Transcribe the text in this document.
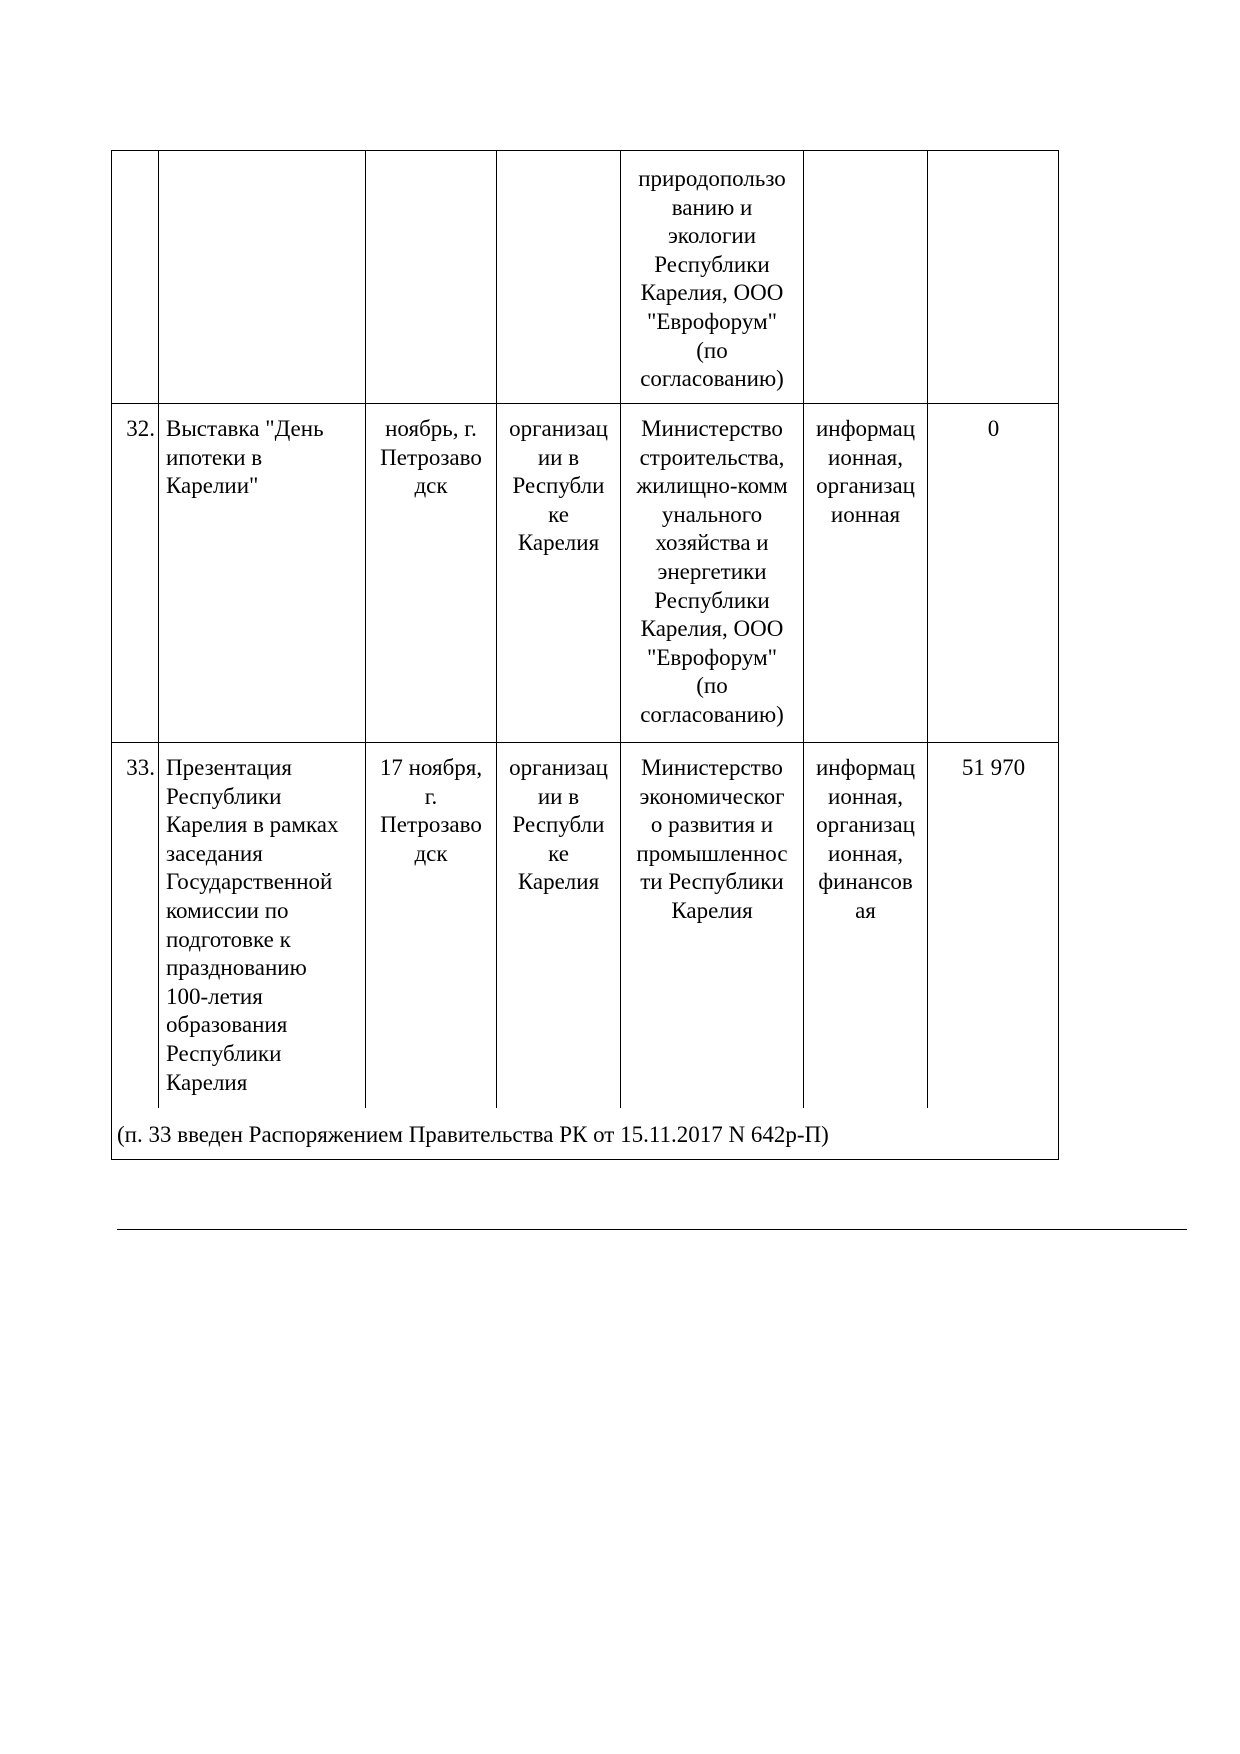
природопользо
ванию и
экологии
Республики
Карелия, ООО
"Еврофорум"
(по
согласованию)
32. Выставка "День
ипотеки в
Карелии"
ноябрь, г.
Петрозаво
дск
организац
ии в
Республи
ке
Карелия
Министерство
строительства,
жилищно-комм
унального
хозяйства и
энергетики
Республики
Карелия, ООО
"Еврофорум"
(по
согласованию)
информац
ионная,
организац
ионная
0
33. Презентация
Республики
Карелия в рамках
заседания
Государственной
комиссии по
подготовке к
празднованию
100-летия
образования
Республики
Карелия
17 ноября,
г.
Петрозаво
дск
организац
ии в
Республи
ке
Карелия
Министерство
экономическог
о развития и
промышленнос
ти Республики
Карелия
информац
ионная,
организац
ионная,
финансов
ая
51 970
(п. 33 введен Распоряжением Правительства РК от 15.11.2017 N 642р-П)
